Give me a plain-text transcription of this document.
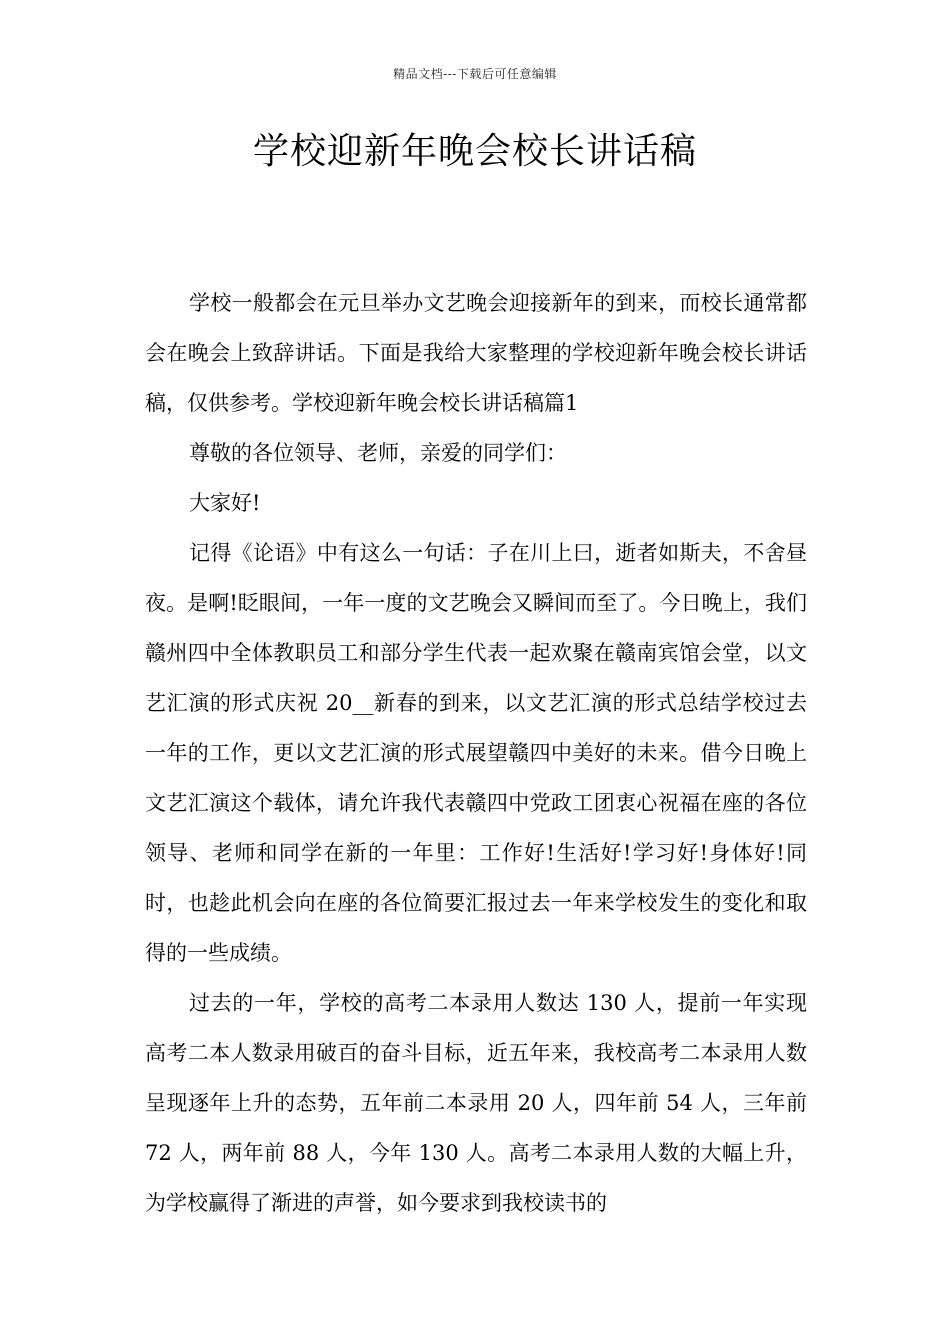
精品文档---下载后可任意编辑
学校迎新年晚会校长讲话稿

学校一般都会在元旦举办文艺晚会迎接新年的到来，而校长通常都会在晚会上致辞讲话。下面是我给大家整理的学校迎新年晚会校长讲话稿，仅供参考。学校迎新年晚会校长讲话稿篇1

尊敬的各位领导、老师，亲爱的同学们：

大家好!

记得《论语》中有这么一句话：子在川上曰，逝者如斯夫，不舍昼夜。是啊!眨眼间，一年一度的文艺晚会又瞬间而至了。今日晚上，我们赣州四中全体教职员工和部分学生代表一起欢聚在赣南宾馆会堂，以文艺汇演的形式庆祝 20__新春的到来，以文艺汇演的形式总结学校过去一年的工作，更以文艺汇演的形式展望赣四中美好的未来。借今日晚上文艺汇演这个载体，请允许我代表赣四中党政工团衷心祝福在座的各位领导、老师和同学在新的一年里：工作好!生活好!学习好!身体好!同时，也趁此机会向在座的各位简要汇报过去一年来学校发生的变化和取得的一些成绩。

过去的一年，学校的高考二本录用人数达 130 人，提前一年实现高考二本人数录用破百的奋斗目标，近五年来，我校高考二本录用人数呈现逐年上升的态势，五年前二本录用 20 人，四年前 54 人，三年前72 人，两年前 88 人，今年 130 人。高考二本录用人数的大幅上升，为学校赢得了渐进的声誉，如今要求到我校读书的
